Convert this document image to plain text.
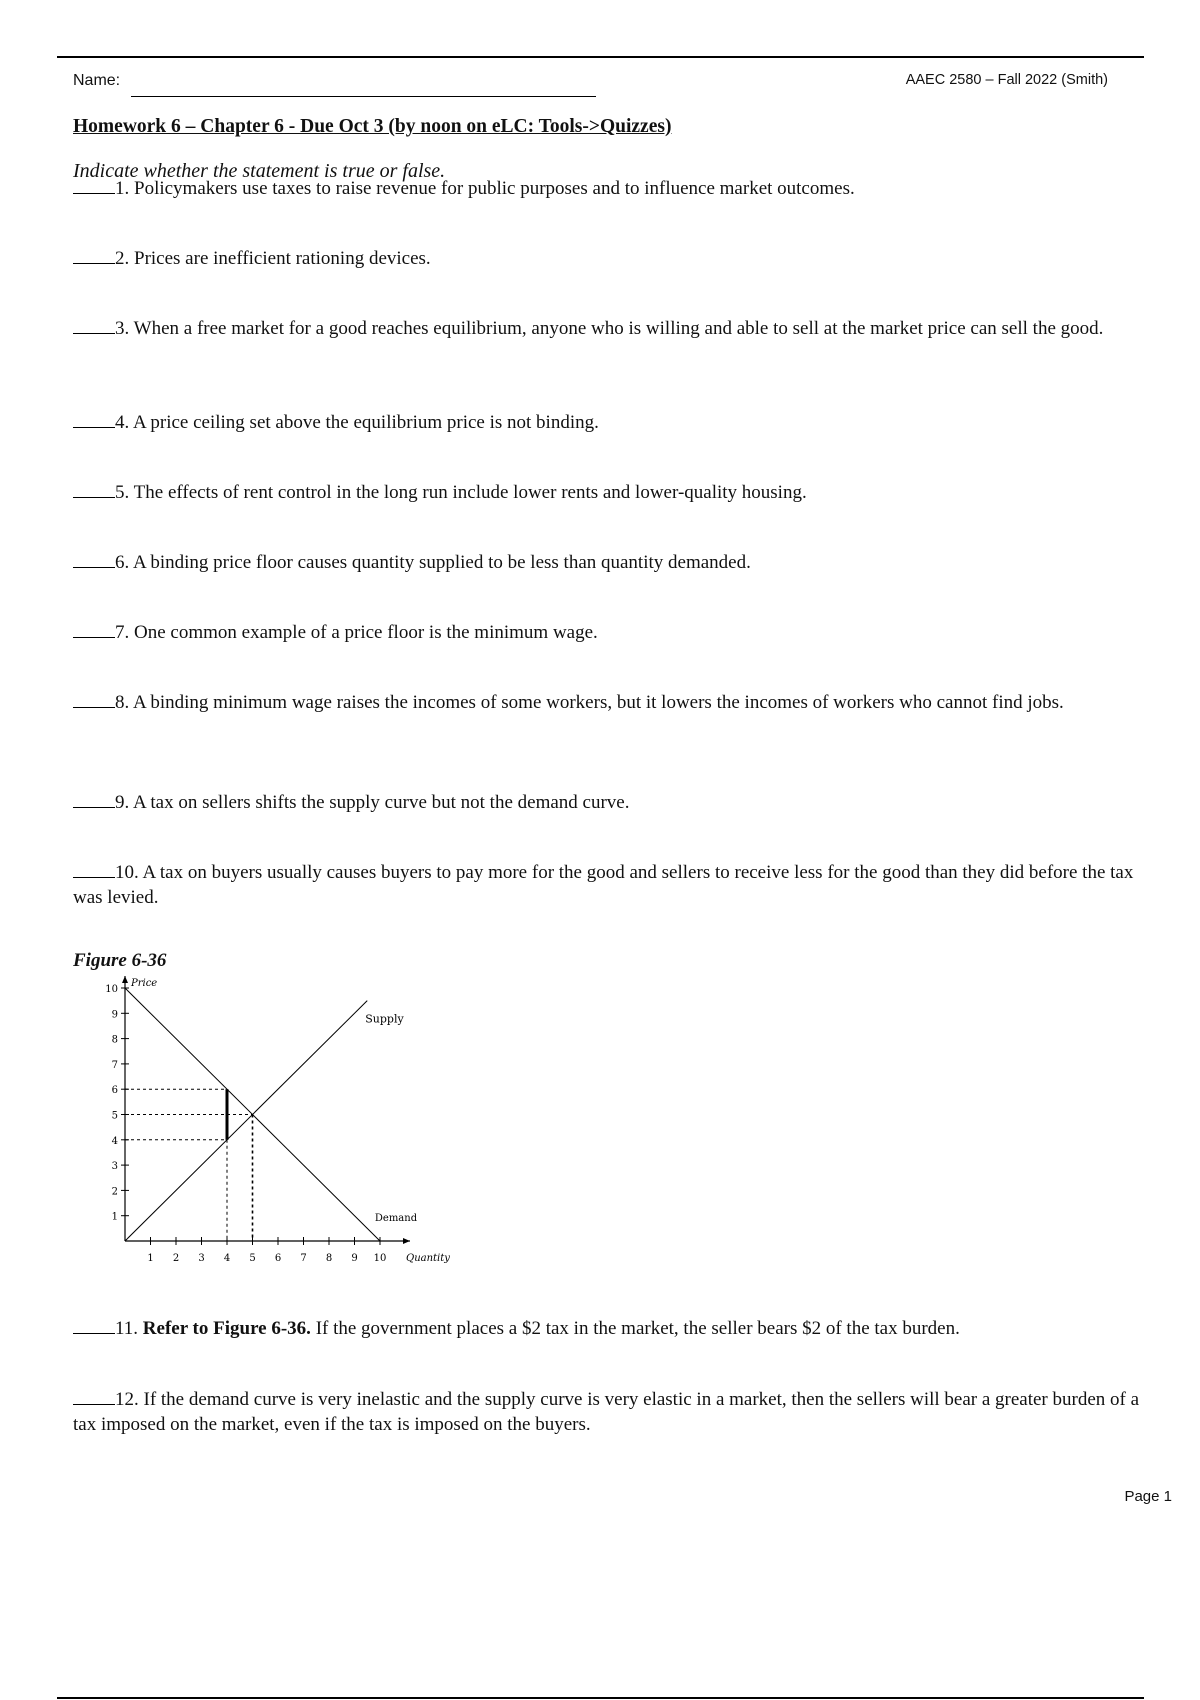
Name:	AAEC 2580 – Fall 2022 (Smith)
Homework 6 – Chapter 6 - Due Oct 3 (by noon on eLC: Tools->Quizzes)
Indicate whether the statement is true or false.
1. Policymakers use taxes to raise revenue for public purposes and to influence market outcomes.
2. Prices are inefficient rationing devices.
3. When a free market for a good reaches equilibrium, anyone who is willing and able to sell at the market price can sell the good.
4. A price ceiling set above the equilibrium price is not binding.
5. The effects of rent control in the long run include lower rents and lower-quality housing.
6. A binding price floor causes quantity supplied to be less than quantity demanded.
7. One common example of a price floor is the minimum wage.
8. A binding minimum wage raises the incomes of some workers, but it lowers the incomes of workers who cannot find jobs.
9. A tax on sellers shifts the supply curve but not the demand curve.
10. A tax on buyers usually causes buyers to pay more for the good and sellers to receive less for the good than they did before the tax was levied.
Figure 6-36
1 2 3 4 5 6 7 8 9 10
1
2
3
4
5
6
7
8
9
10
Price
Quantity
Supply
Demand
11. Refer to Figure 6-36. If the government places a $2 tax in the market, the seller bears $2 of the tax burden.
12. If the demand curve is very inelastic and the supply curve is very elastic in a market, then the sellers will bear a greater burden of a tax imposed on the market, even if the tax is imposed on the buyers.
Page 1
